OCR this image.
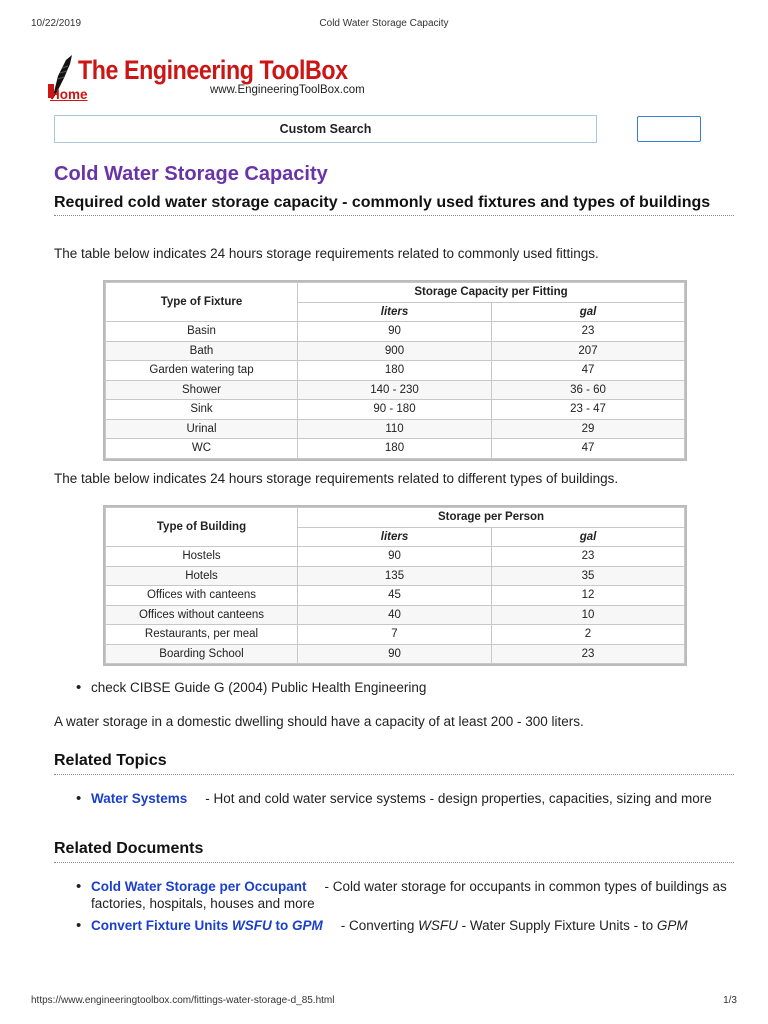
10/22/2019	Cold Water Storage Capacity
The Engineering ToolBox
Home	www.EngineeringToolBox.com
Custom Search
Cold Water Storage Capacity
Required cold water storage capacity - commonly used fixtures and types of buildings
The table below indicates 24 hours storage requirements related to commonly used fittings.
Type of Fixture	Storage Capacity per Fitting	
	liters	gal
Basin	90	23
Bath	900	207
Garden watering tap	180	47
Shower	140 - 230	36 - 60
Sink	90 - 180	23 - 47
Urinal	110	29
WC	180	47
The table below indicates 24 hours storage requirements related to different types of buildings.
Type of Building	Storage per Person	
	liters	gal
Hostels	90	23
Hotels	135	35
Offices with canteens	45	12
Offices without canteens	40	10
Restaurants, per meal	7	2
Boarding School	90	23
• check CIBSE Guide G (2004) Public Health Engineering
A water storage in a domestic dwelling should have a capacity of at least 200 - 300 liters.
Related Topics
• Water Systems - Hot and cold water service systems - design properties, capacities, sizing and more
Related Documents
• Cold Water Storage per Occupant - Cold water storage for occupants in common types of buildings as factories, hospitals, houses and more
• Convert Fixture Units WSFU to GPM - Converting WSFU - Water Supply Fixture Units - to GPM
https://www.engineeringtoolbox.com/fittings-water-storage-d_85.html	1/3
